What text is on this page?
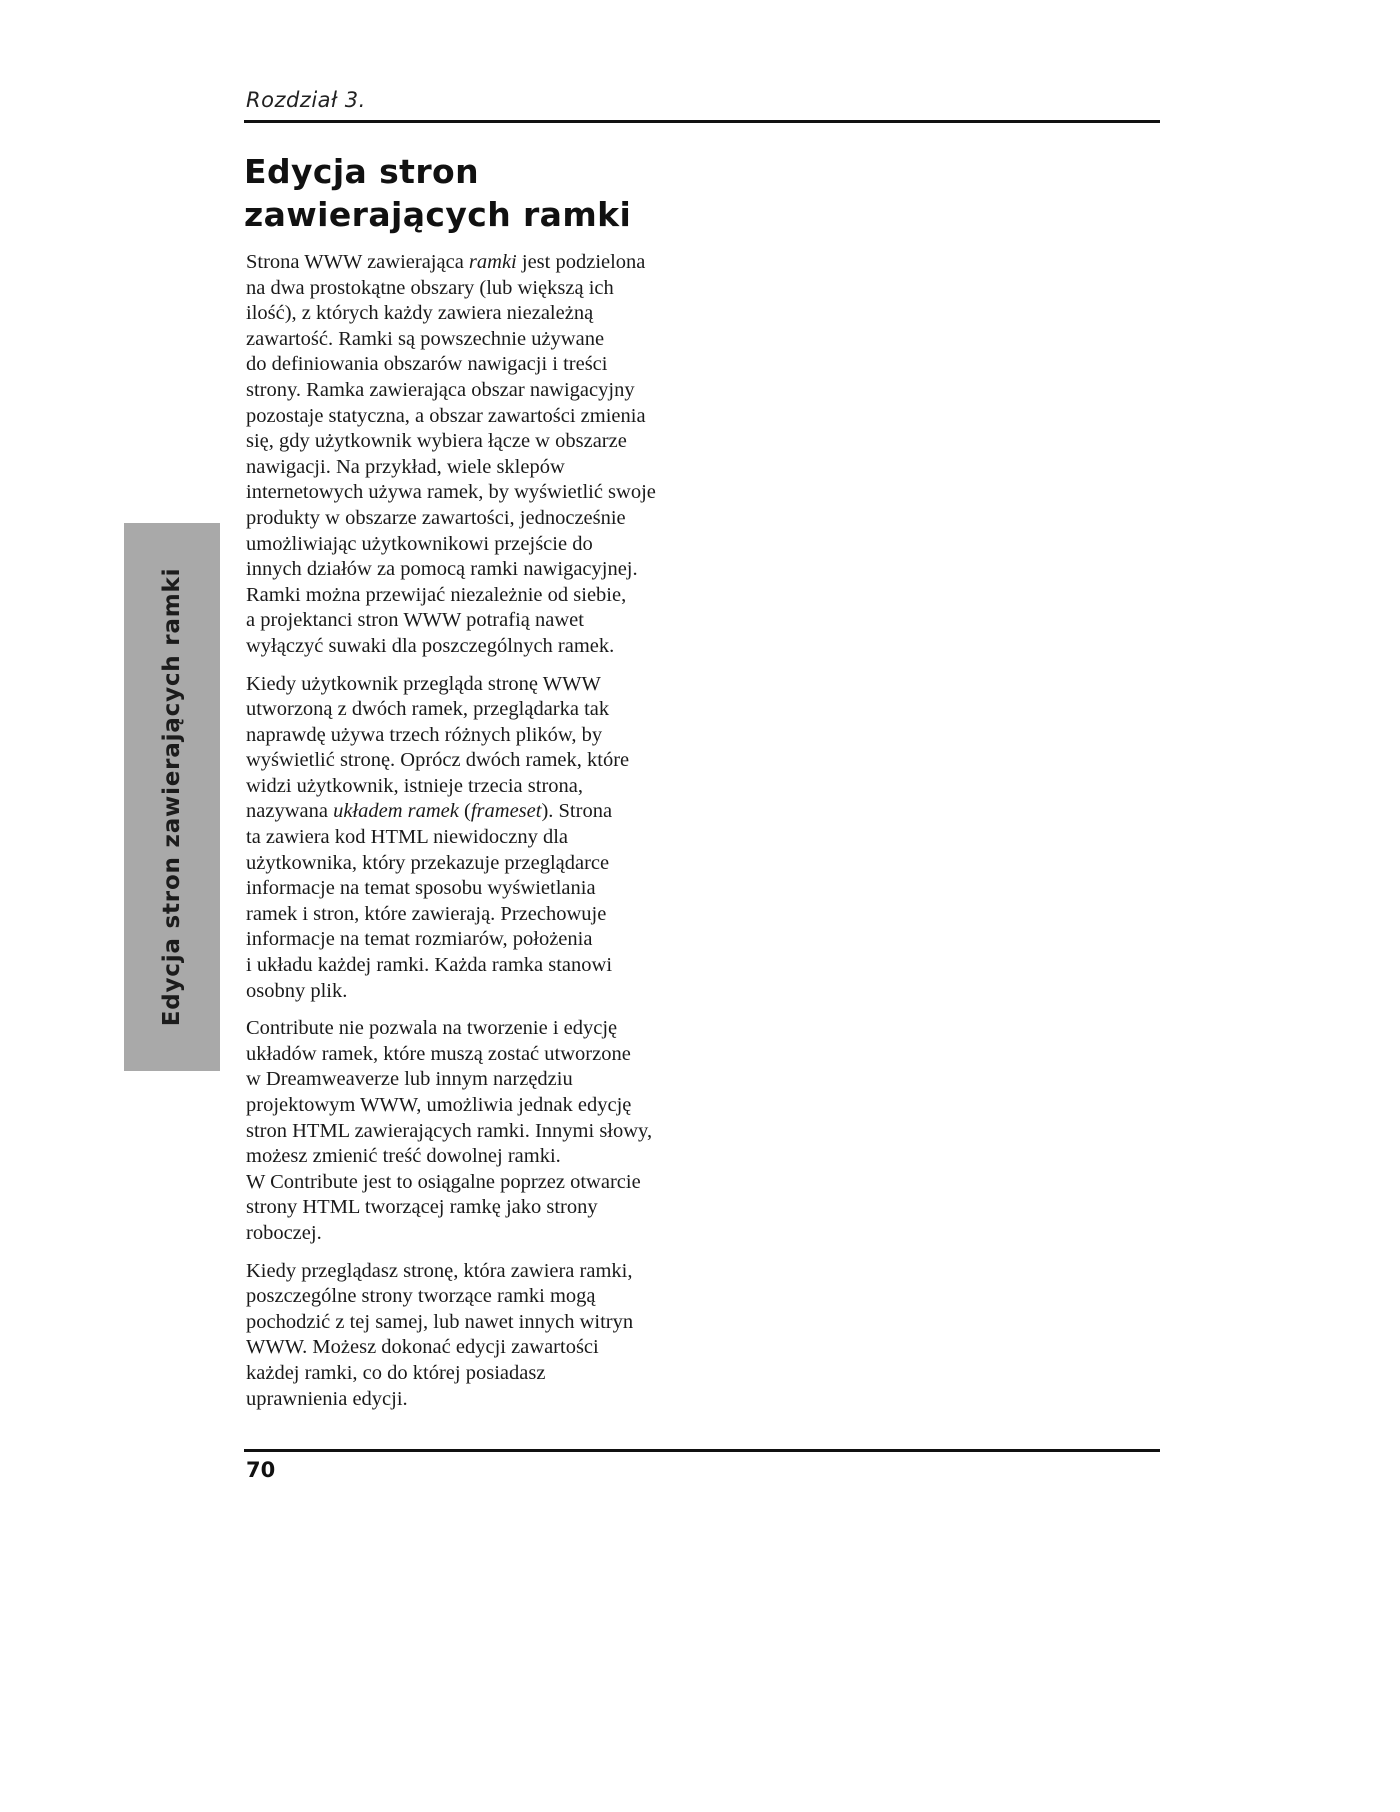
Rozdział 3.
Edycja stron
zawierających ramki
Edycja stron zawierających ramki

Strona WWW zawierająca ramki jest podzielona
na dwa prostokątne obszary (lub większą ich
ilość), z których każdy zawiera niezależną
zawartość. Ramki są powszechnie używane
do definiowania obszarów nawigacji i treści
strony. Ramka zawierająca obszar nawigacyjny
pozostaje statyczna, a obszar zawartości zmienia
się, gdy użytkownik wybiera łącze w obszarze
nawigacji. Na przykład, wiele sklepów
internetowych używa ramek, by wyświetlić swoje
produkty w obszarze zawartości, jednocześnie
umożliwiając użytkownikowi przejście do
innych działów za pomocą ramki nawigacyjnej.
Ramki można przewijać niezależnie od siebie,
a projektanci stron WWW potrafią nawet
wyłączyć suwaki dla poszczególnych ramek.

Kiedy użytkownik przegląda stronę WWW
utworzoną z dwóch ramek, przeglądarka tak
naprawdę używa trzech różnych plików, by
wyświetlić stronę. Oprócz dwóch ramek, które
widzi użytkownik, istnieje trzecia strona,
nazywana układem ramek (frameset). Strona
ta zawiera kod HTML niewidoczny dla
użytkownika, który przekazuje przeglądarce
informacje na temat sposobu wyświetlania
ramek i stron, które zawierają. Przechowuje
informacje na temat rozmiarów, położenia
i układu każdej ramki. Każda ramka stanowi
osobny plik.

Contribute nie pozwala na tworzenie i edycję
układów ramek, które muszą zostać utworzone
w Dreamweaverze lub innym narzędziu
projektowym WWW, umożliwia jednak edycję
stron HTML zawierających ramki. Innymi słowy,
możesz zmienić treść dowolnej ramki.
W Contribute jest to osiągalne poprzez otwarcie
strony HTML tworzącej ramkę jako strony
roboczej.

Kiedy przeglądasz stronę, która zawiera ramki,
poszczególne strony tworzące ramki mogą
pochodzić z tej samej, lub nawet innych witryn
WWW. Możesz dokonać edycji zawartości
każdej ramki, co do której posiadasz
uprawnienia edycji.

70
